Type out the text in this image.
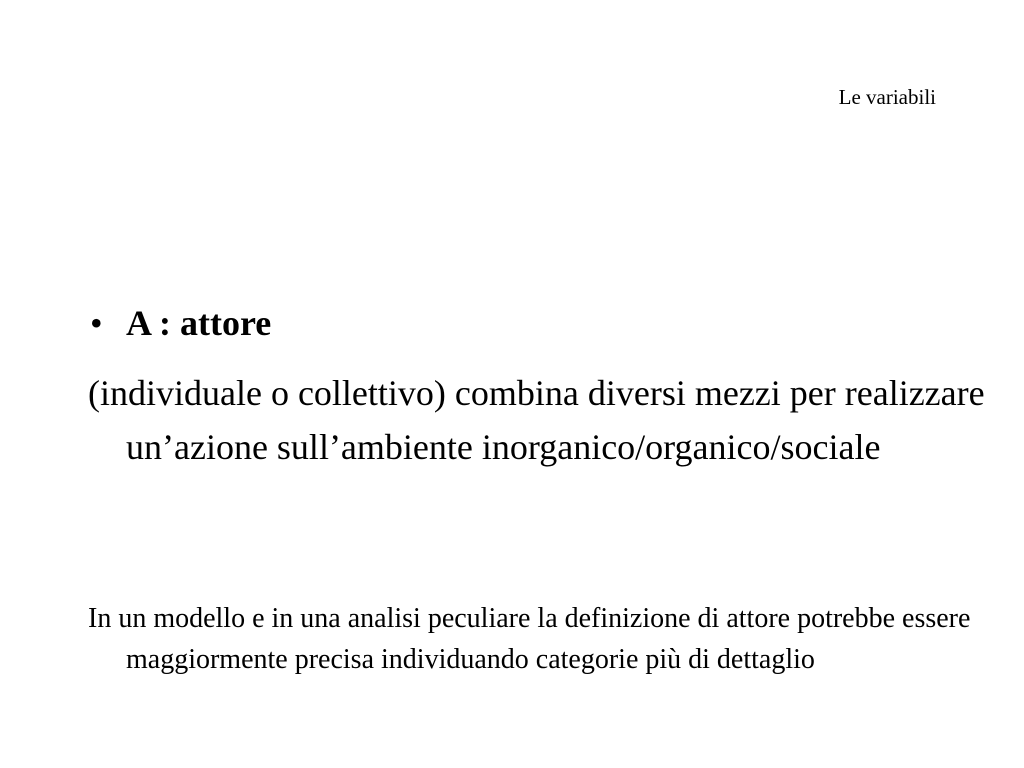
Le variabili
• A : attore

(individuale o collettivo) combina diversi mezzi per realizzare un’azione sull’ambiente inorganico/organico/sociale

In un modello e in una analisi peculiare la definizione di attore potrebbe essere maggiormente precisa individuando categorie più di dettaglio
